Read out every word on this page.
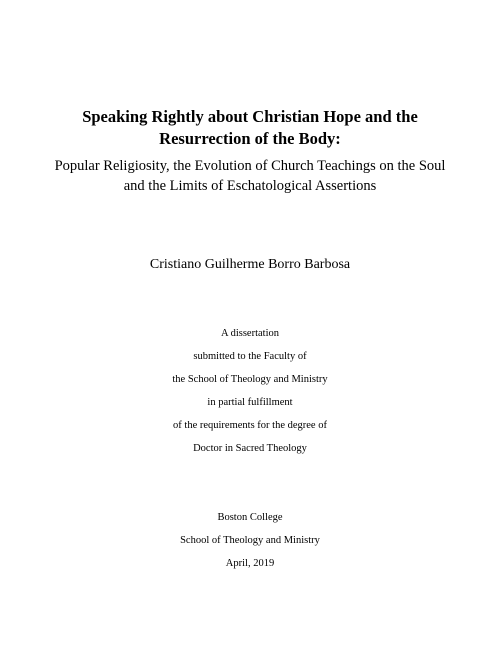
Speaking Rightly about Christian Hope and the
Resurrection of the Body:
Popular Religiosity, the Evolution of Church Teachings on the Soul
and the Limits of Eschatological Assertions

Cristiano Guilherme Borro Barbosa

A dissertation

submitted to the Faculty of

the School of Theology and Ministry

in partial fulfillment

of the requirements for the degree of

Doctor in Sacred Theology

Boston College

School of Theology and Ministry

April, 2019
